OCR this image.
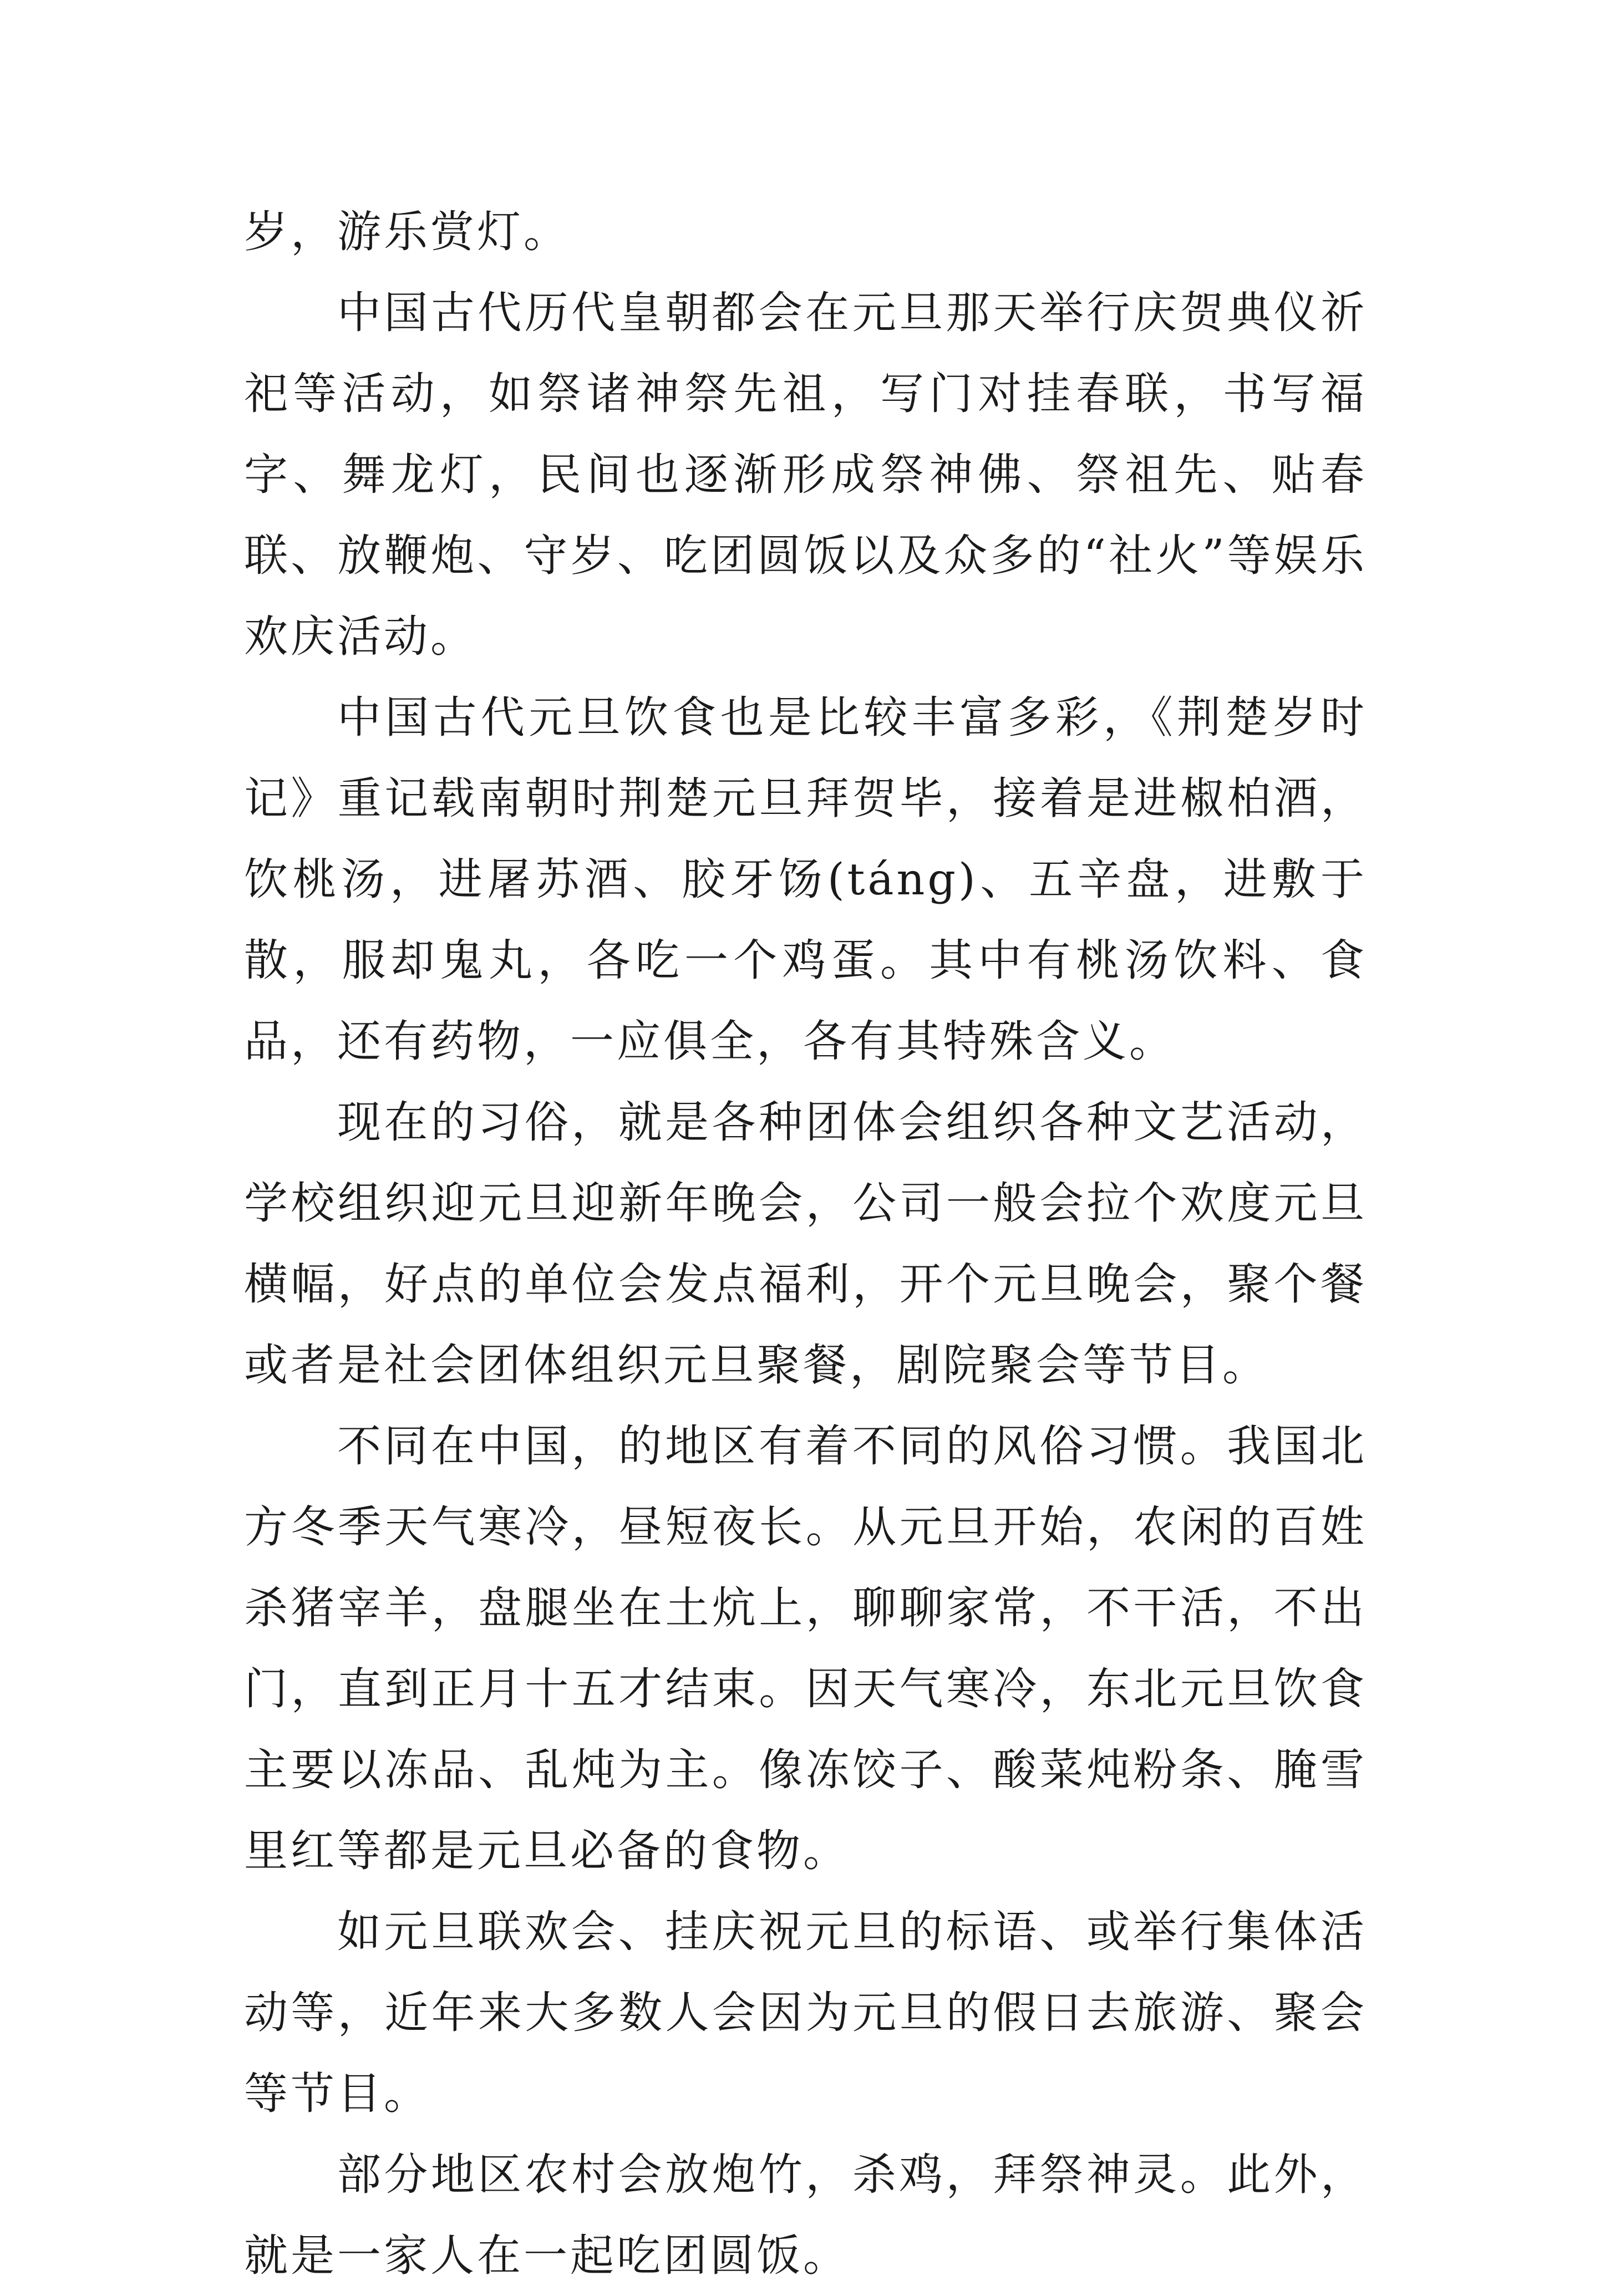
岁，游乐赏灯。

中国古代历代皇朝都会在元旦那天举行庆贺典仪祈祀等活动，如祭诸神祭先祖，写门对挂春联，书写福字、舞龙灯，民间也逐渐形成祭神佛、祭祖先、贴春联、放鞭炮、守岁、吃团圆饭以及众多的“社火”等娱乐欢庆活动。

中国古代元旦饮食也是比较丰富多彩，《荆楚岁时记》重记载南朝时荆楚元旦拜贺毕，接着是进椒柏酒，饮桃汤，进屠苏酒、胶牙饧(táng)、五辛盘，进敷于散，服却鬼丸，各吃一个鸡蛋。其中有桃汤饮料、食品，还有药物，一应俱全，各有其特殊含义。

现在的习俗，就是各种团体会组织各种文艺活动，学校组织迎元旦迎新年晚会，公司一般会拉个欢度元旦横幅，好点的单位会发点福利，开个元旦晚会，聚个餐或者是社会团体组织元旦聚餐，剧院聚会等节目。

不同在中国，的地区有着不同的风俗习惯。我国北方冬季天气寒冷，昼短夜长。从元旦开始，农闲的百姓杀猪宰羊，盘腿坐在土炕上，聊聊家常，不干活，不出门，直到正月十五才结束。因天气寒冷，东北元旦饮食主要以冻品、乱炖为主。像冻饺子、酸菜炖粉条、腌雪里红等都是元旦必备的食物。

如元旦联欢会、挂庆祝元旦的标语、或举行集体活动等，近年来大多数人会因为元旦的假日去旅游、聚会等节目。

部分地区农村会放炮竹，杀鸡，拜祭神灵。此外，就是一家人在一起吃团圆饭。
